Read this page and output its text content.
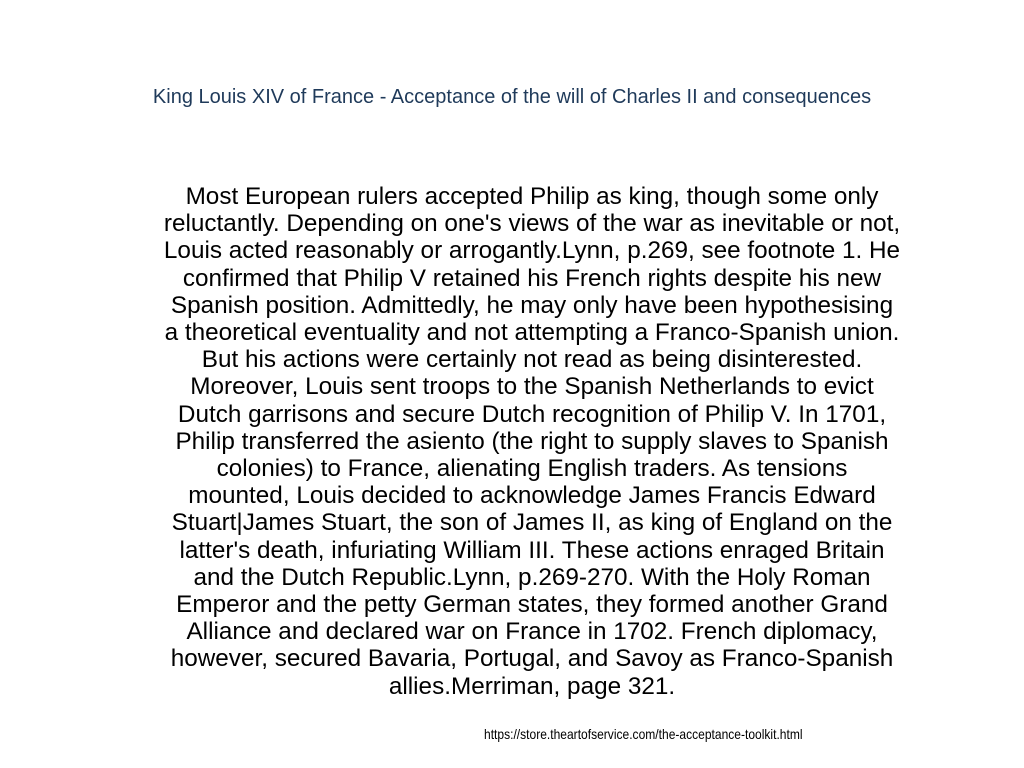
King Louis XIV of France - Acceptance of the will of Charles II and consequences
Most European rulers accepted Philip as king, though some only
reluctantly. Depending on one's views of the war as inevitable or not,
Louis acted reasonably or arrogantly.Lynn, p.269, see footnote 1. He
confirmed that Philip V retained his French rights despite his new
Spanish position. Admittedly, he may only have been hypothesising
a theoretical eventuality and not attempting a Franco-Spanish union.
But his actions were certainly not read as being disinterested.
Moreover, Louis sent troops to the Spanish Netherlands to evict
Dutch garrisons and secure Dutch recognition of Philip V. In 1701,
Philip transferred the asiento (the right to supply slaves to Spanish
colonies) to France, alienating English traders. As tensions
mounted, Louis decided to acknowledge James Francis Edward
Stuart|James Stuart, the son of James II, as king of England on the
latter's death, infuriating William III. These actions enraged Britain
and the Dutch Republic.Lynn, p.269-270. With the Holy Roman
Emperor and the petty German states, they formed another Grand
Alliance and declared war on France in 1702. French diplomacy,
however, secured Bavaria, Portugal, and Savoy as Franco-Spanish
allies.Merriman, page 321.
https://store.theartofservice.com/the-acceptance-toolkit.html
